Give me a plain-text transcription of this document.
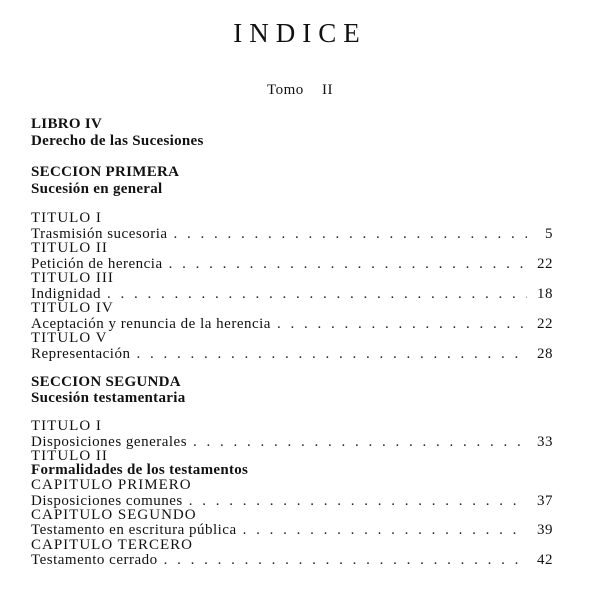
INDICE
Tomo II
LIBRO IV
Derecho de las Sucesiones
SECCION PRIMERA
Sucesión en general
TITULO I
Trasmisión sucesoria . . .	5
TITULO II
Petición de herencia . . .	22
TITULO III
Indignidad . . .	18
TITULO IV
Aceptación y renuncia de la herencia . . .	22
TITULO V
Representación . . .	28
SECCION SEGUNDA
Sucesión testamentaria
TITULO I
Disposiciones generales . . .	33
TITULO II
Formalidades de los testamentos
CAPITULO PRIMERO
Disposiciones comunes . . .	37
CAPITULO SEGUNDO
Testamento en escritura pública . . .	39
CAPITULO TERCERO
Testamento cerrado . . .	42
